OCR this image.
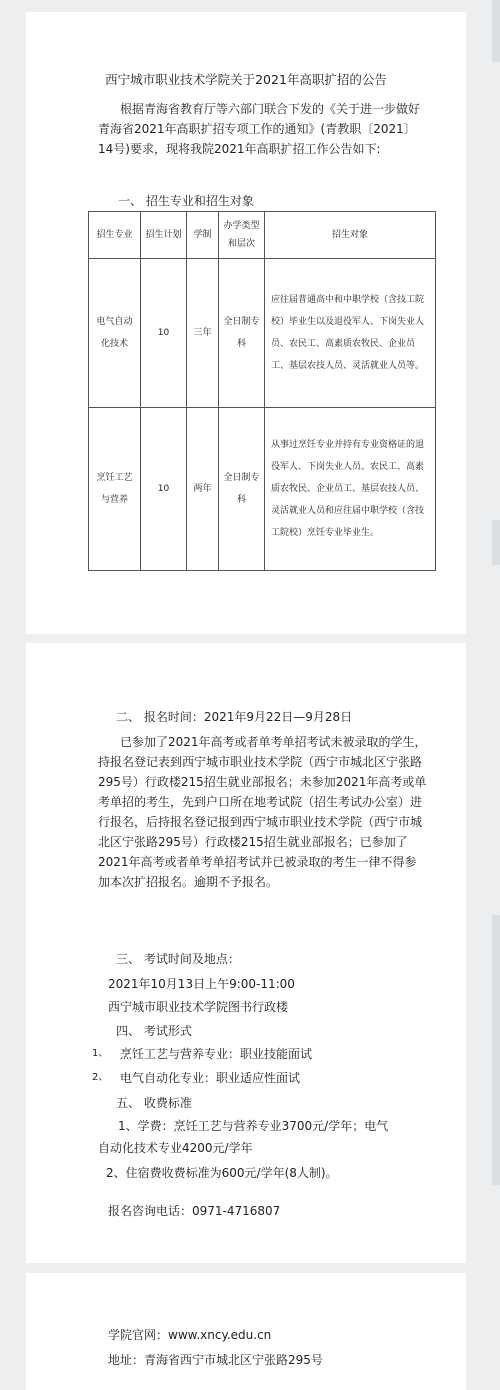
西宁城市职业技术学院关于2021年高职扩招的公告

根据青海省教育厅等六部门联合下发的《关于进一步做好青海省2021年高职扩招专项工作的通知》(青教职〔2021〕14号)要求，现将我院2021年高职扩招工作公告如下:

一、 招生专业和招生对象

招生专业	招生计划	学制	办学类型和层次	招生对象
电气自动化技术	10	三年	全日制专科	应往届普通高中和中职学校（含技工院校）毕业生以及退役军人、下岗失业人员、农民工、高素质农牧民、企业员工、基层农技人员、灵活就业人员等。
烹饪工艺与营养	10	两年	全日制专科	从事过烹饪专业并持有专业资格证的退役军人、下岗失业人员、农民工、高素质农牧民、企业员工、基层农技人员、灵活就业人员和应往届中职学校（含技工院校）烹饪专业毕业生。

二、 报名时间：2021年9月22日—9月28日

已参加了2021年高考或者单考单招考试未被录取的学生，持报名登记表到西宁城市职业技术学院（西宁市城北区宁张路295号）行政楼215招生就业部报名；未参加2021年高考或单考单招的考生，先到户口所在地考试院（招生考试办公室）进行报名，后持报名登记报到西宁城市职业技术学院（西宁市城北区宁张路295号）行政楼215招生就业部报名；已参加了2021年高考或者单考单招考试并已被录取的考生一律不得参加本次扩招报名。逾期不予报名。

三、 考试时间及地点：

2021年10月13日上午9:00-11:00

西宁城市职业技术学院图书行政楼

四、 考试形式

1、 烹饪工艺与营养专业：职业技能面试

2、 电气自动化专业：职业适应性面试

五、 收费标准

1、学费：烹饪工艺与营养专业3700元/学年；电气

自动化技术专业4200元/学年

2、住宿费收费标准为600元/学年(8人制)。

报名咨询电话：0971-4716807

学院官网：www.xncy.edu.cn

地址：青海省西宁市城北区宁张路295号
